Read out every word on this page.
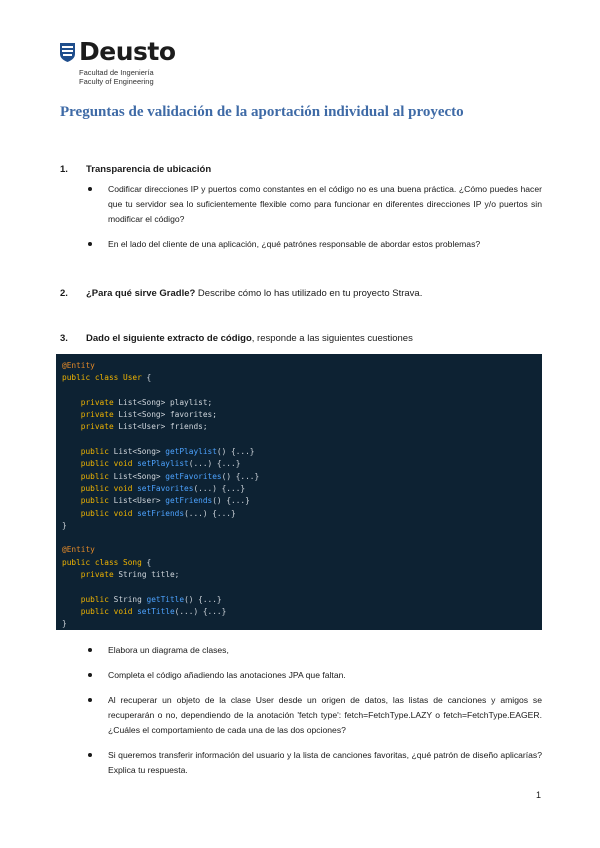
Deusto
Facultad de Ingeniería
Faculty of Engineering
Preguntas de validación de la aportación individual al proyecto
1. Transparencia de ubicación
Codificar direcciones IP y puertos como constantes en el código no es una buena práctica. ¿Cómo puedes hacer que tu servidor sea lo suficientemente flexible como para funcionar en diferentes direcciones IP y/o puertos sin modificar el código?
En el lado del cliente de una aplicación, ¿qué patrónes responsable de abordar estos problemas?
2. ¿Para qué sirve Gradle? Describe cómo lo has utilizado en tu proyecto Strava.
3. Dado el siguiente extracto de código, responde a las siguientes cuestiones
@Entity
public class User {

private List<Song> playlist;
private List<Song> favorites;
private List<User> friends;

public List<Song> getPlaylist() {...}
public void setPlaylist(...) {...}
public List<Song> getFavorites() {...}
public void setFavorites(...) {...}
public List<User> getFriends() {...}
public void setFriends(...) {...}
}

@Entity
public class Song {
private String title;

public String getTitle() {...}
public void setTitle(...) {...}
}
Elabora un diagrama de clases,
Completa el código añadiendo las anotaciones JPA que faltan.
Al recuperar un objeto de la clase User desde un origen de datos, las listas de canciones y amigos se recuperarán o no, dependiendo de la anotación 'fetch type': fetch=FetchType.LAZY o fetch=FetchType.EAGER. ¿Cuáles el comportamiento de cada una de las dos opciones?
Si queremos transferir información del usuario y la lista de canciones favoritas, ¿qué patrón de diseño aplicarías? Explica tu respuesta.
1
